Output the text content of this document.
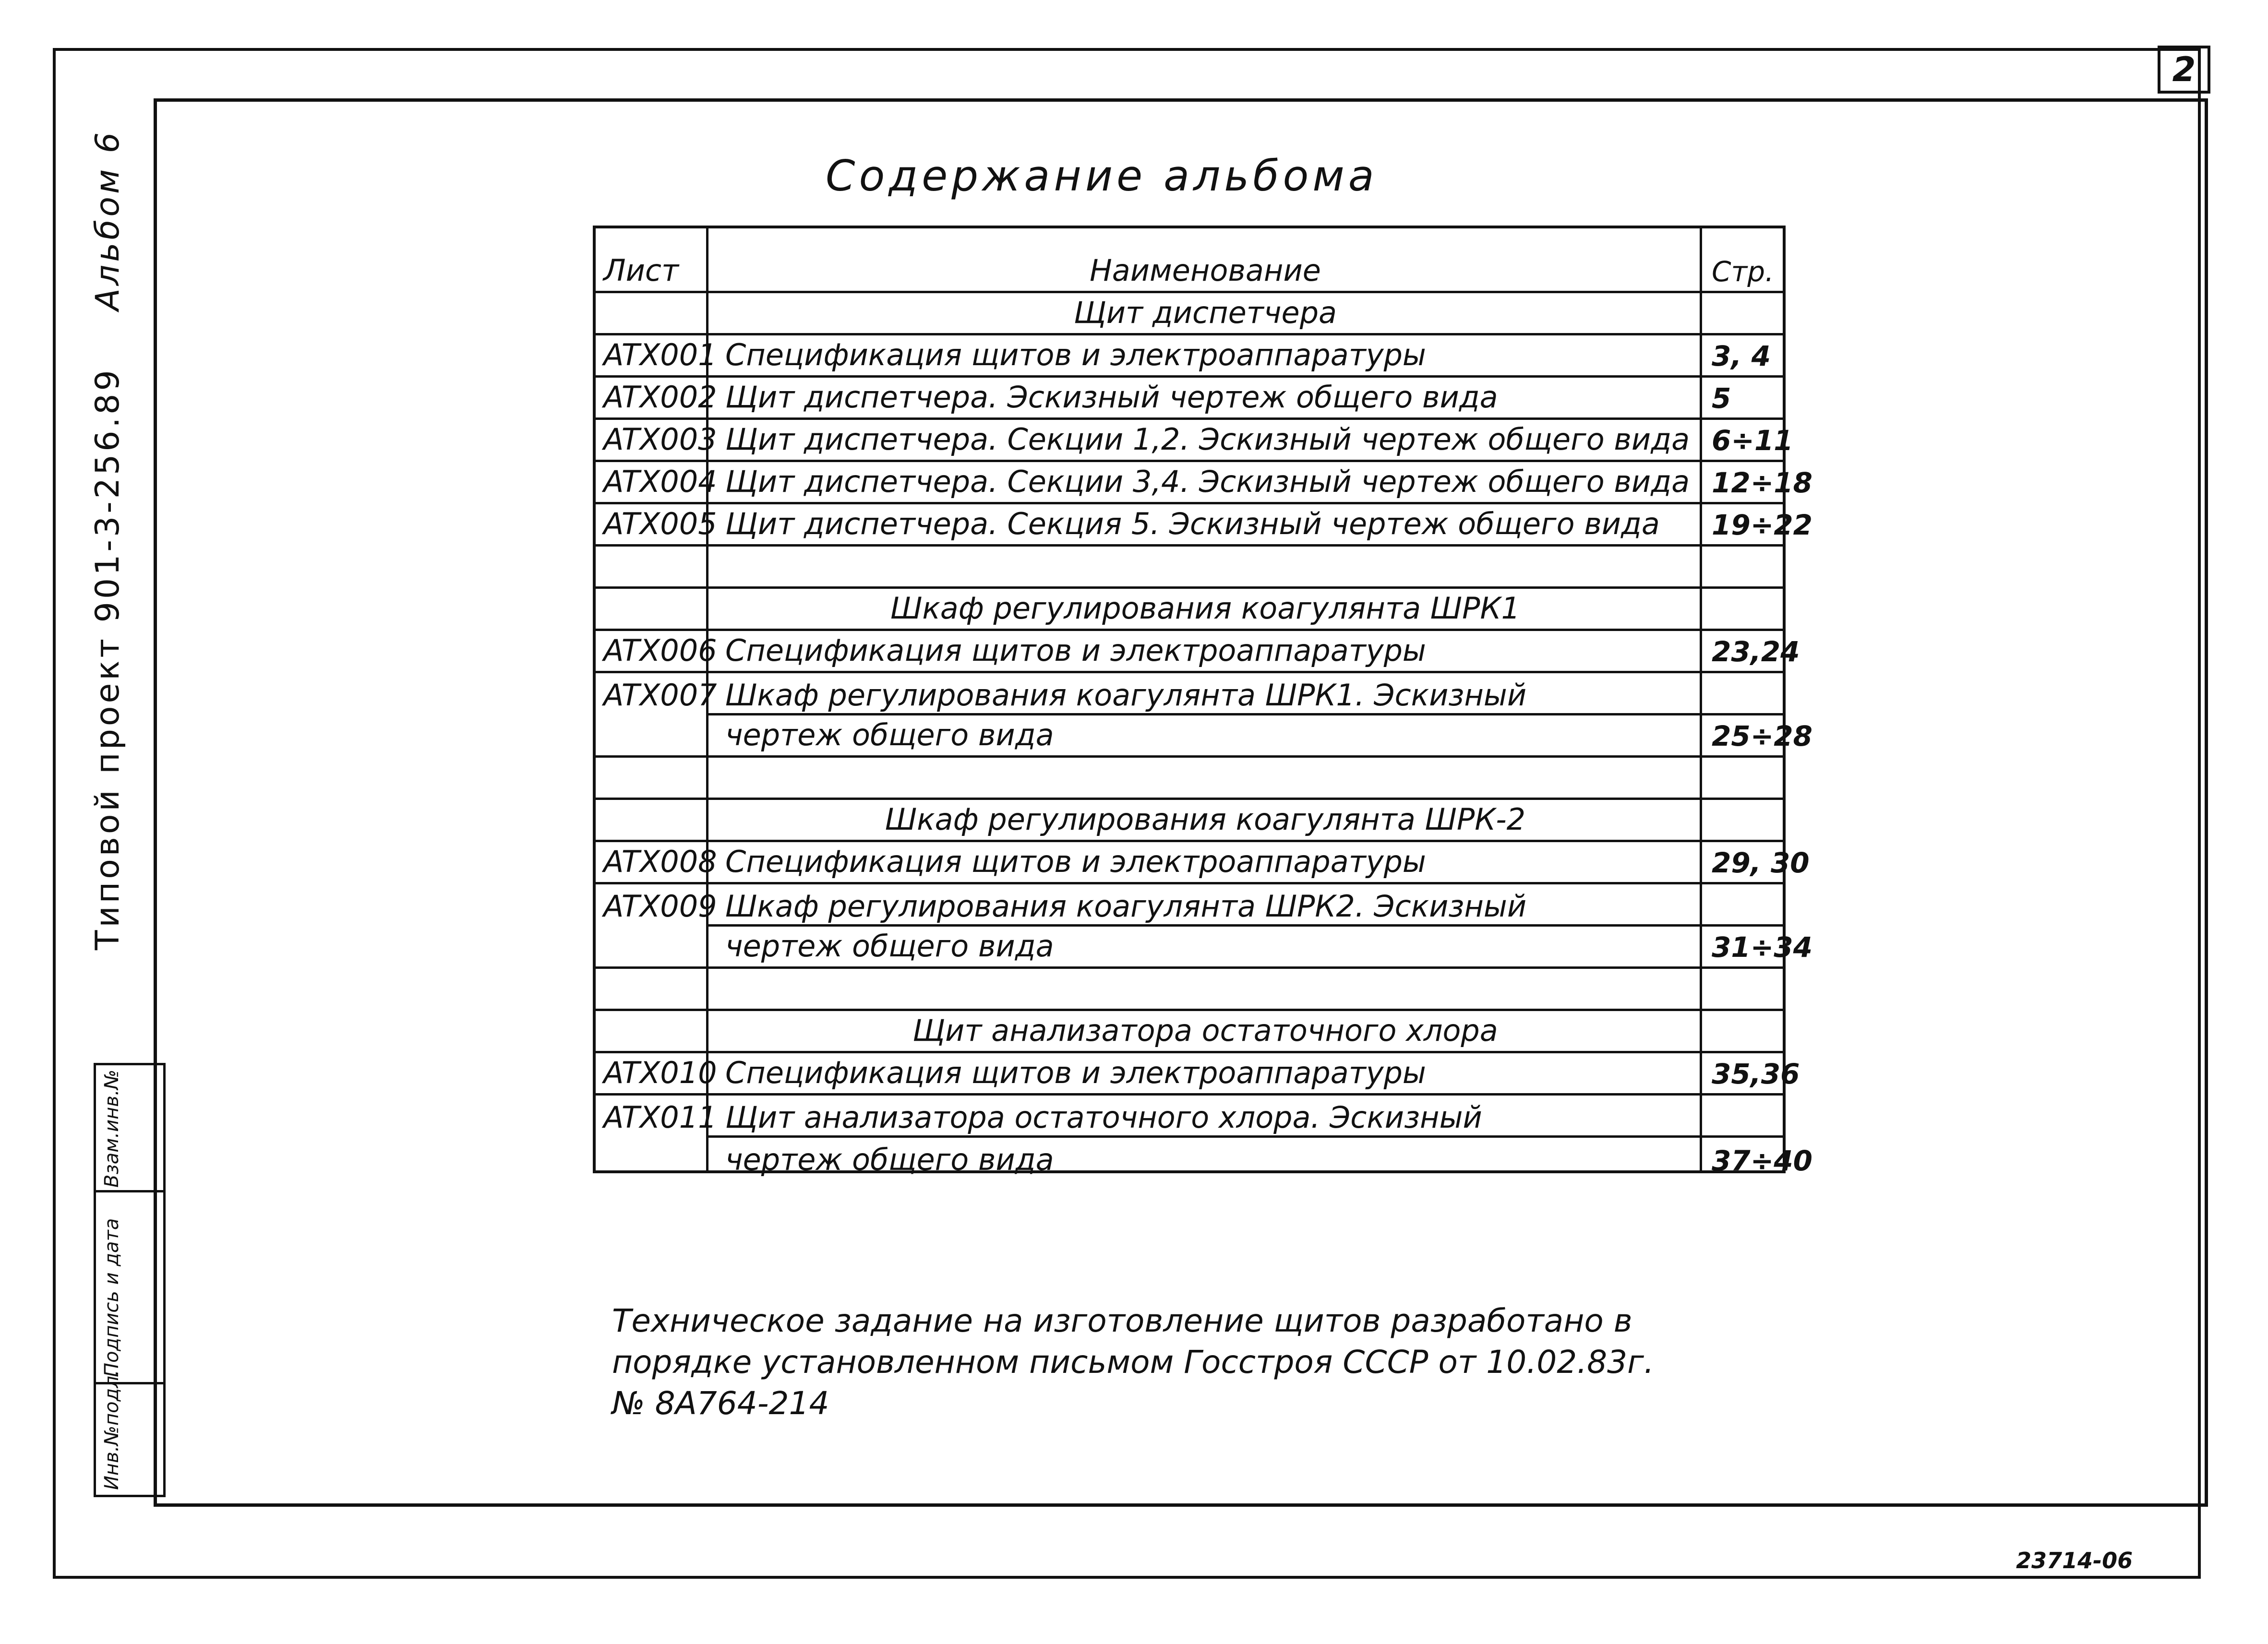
2
Типовой проект 901-3-256.89 Альбом 6
Взам.инв.№
Подпись и дата
Инв.№подл.
Содержание альбома
Лист	Наименование	Стр.
Щит диспетчера
ATX001 Спецификация щитов и электроаппаратуры	3, 4
ATX002 Щит диспетчера. Эскизный чертеж общего вида	5
ATX003 Щит диспетчера. Секции 1,2. Эскизный чертеж общего вида 6÷11
ATX004 Щит диспетчера. Секции 3,4. Эскизный чертеж общего вида 12÷18
ATX005 Щит диспетчера. Секция 5. Эскизный чертеж общего вида	19÷22
Шкаф регулирования коагулянта ШРК1
ATX006 Спецификация щитов и электроаппаратуры	23,24
ATX007 Шкаф регулирования коагулянта ШРК1. Эскизный
чертеж общего вида	25÷28
Шкаф регулирования коагулянта ШРК-2
ATX008 Спецификация щитов и электроаппаратуры	29, 30
ATX009 Шкаф регулирования коагулянта ШРК2. Эскизный
чертеж общего вида	31÷34
Щит анализатора остаточного хлора
ATX010 Спецификация щитов и электроаппаратуры	35,36
ATX011 Щит анализатора остаточного хлора. Эскизный
чертеж общего вида	37÷40
Техническое задание на изготовление щитов разработано в
порядке установленном письмом Госстроя СССР от 10.02.83г.
№ 8А764-214
23714-06
